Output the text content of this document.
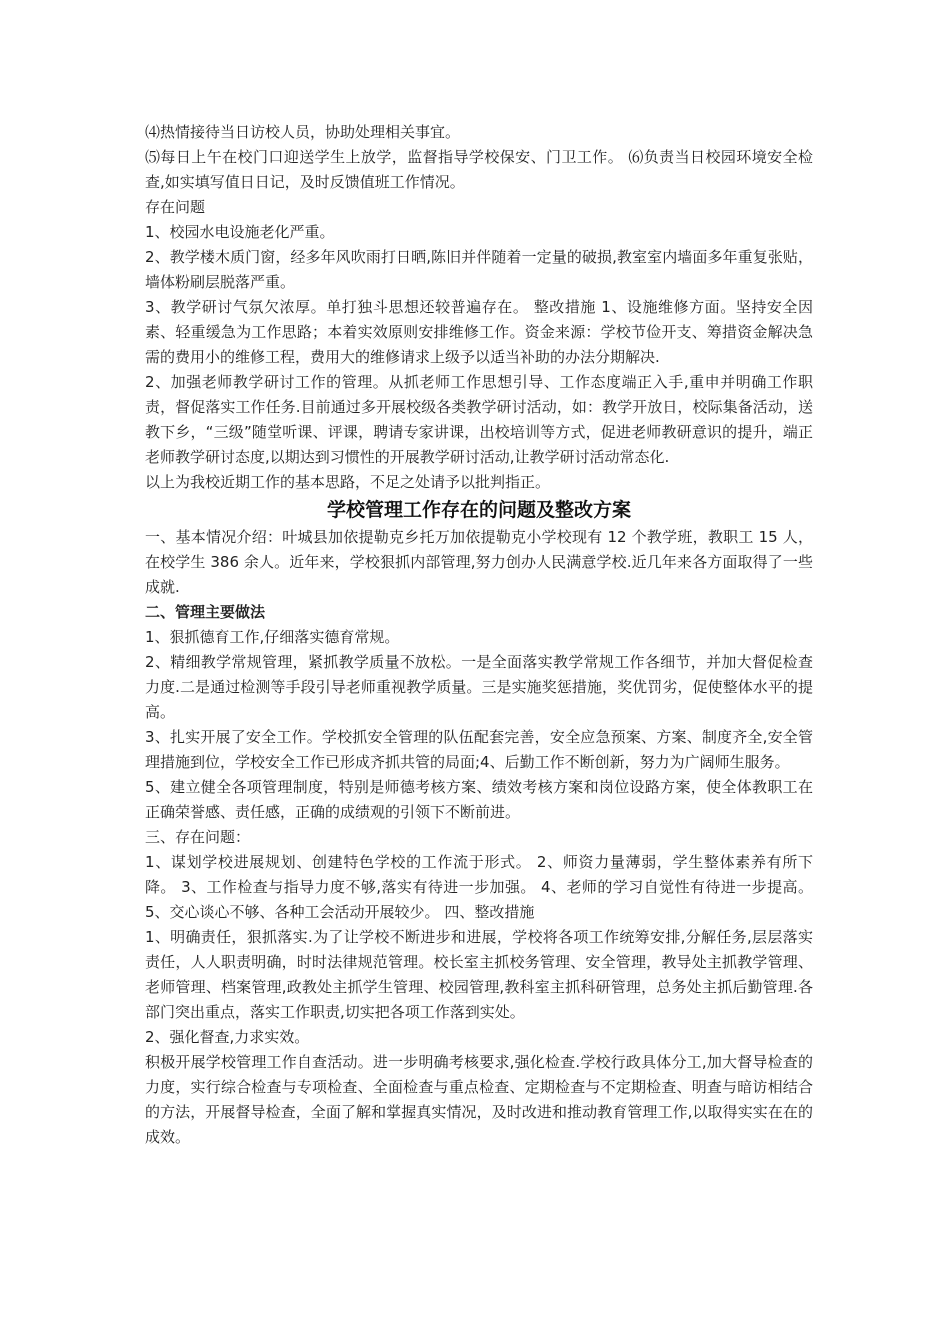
⑷热情接待当日访校人员，协助处理相关事宜。

⑸每日上午在校门口迎送学生上放学，监督指导学校保安、门卫工作。 ⑹负责当日校园环境安全检查,如实填写值日日记，及时反馈值班工作情况。

存在问题

1、校园水电设施老化严重。

2、教学楼木质门窗，经多年风吹雨打日晒,陈旧并伴随着一定量的破损,教室室内墙面多年重复张贴，墙体粉刷层脱落严重。

3、教学研讨气氛欠浓厚。单打独斗思想还较普遍存在。 整改措施 1、设施维修方面。坚持安全因素、轻重缓急为工作思路；本着实效原则安排维修工作。资金来源：学校节俭开支、筹措资金解决急需的费用小的维修工程，费用大的维修请求上级予以适当补助的办法分期解决.

2、加强老师教学研讨工作的管理。从抓老师工作思想引导、工作态度端正入手,重申并明确工作职责，督促落实工作任务.目前通过多开展校级各类教学研讨活动，如：教学开放日，校际集备活动，送教下乡，“三级”随堂听课、评课，聘请专家讲课，出校培训等方式，促进老师教研意识的提升，端正老师教学研讨态度,以期达到习惯性的开展教学研讨活动,让教学研讨活动常态化.

以上为我校近期工作的基本思路，不足之处请予以批判指正。

学校管理工作存在的问题及整改方案

一、基本情况介绍：叶城县加依提勒克乡托万加依提勒克小学校现有 12 个教学班，教职工 15 人，在校学生 386 余人。近年来，学校狠抓内部管理,努力创办人民满意学校.近几年来各方面取得了一些成就.

二、管理主要做法

1、狠抓德育工作,仔细落实德育常规。

2、精细教学常规管理，紧抓教学质量不放松。一是全面落实教学常规工作各细节，并加大督促检查力度.二是通过检测等手段引导老师重视教学质量。三是实施奖惩措施，奖优罚劣，促使整体水平的提高。

3、扎实开展了安全工作。学校抓安全管理的队伍配套完善，安全应急预案、方案、制度齐全,安全管理措施到位，学校安全工作已形成齐抓共管的局面;4、后勤工作不断创新，努力为广阔师生服务。

5、建立健全各项管理制度，特别是师德考核方案、绩效考核方案和岗位设路方案，使全体教职工在正确荣誉感、责任感，正确的成绩观的引领下不断前进。

三、存在问题：

1、谋划学校进展规划、创建特色学校的工作流于形式。 2、师资力量薄弱，学生整体素养有所下降。 3、工作检查与指导力度不够,落实有待进一步加强。 4、老师的学习自觉性有待进一步提高。 5、交心谈心不够、各种工会活动开展较少。 四、整改措施

1、明确责任，狠抓落实.为了让学校不断进步和进展，学校将各项工作统筹安排,分解任务,层层落实责任，人人职责明确，时时法律规范管理。校长室主抓校务管理、安全管理，教导处主抓教学管理、老师管理、档案管理,政教处主抓学生管理、校园管理,教科室主抓科研管理，总务处主抓后勤管理.各部门突出重点，落实工作职责,切实把各项工作落到实处。

2、强化督查,力求实效。

积极开展学校管理工作自查活动。进一步明确考核要求,强化检查.学校行政具体分工,加大督导检查的力度，实行综合检查与专项检查、全面检查与重点检查、定期检查与不定期检查、明查与暗访相结合的方法，开展督导检查，全面了解和掌握真实情况，及时改进和推动教育管理工作,以取得实实在在的成效。
